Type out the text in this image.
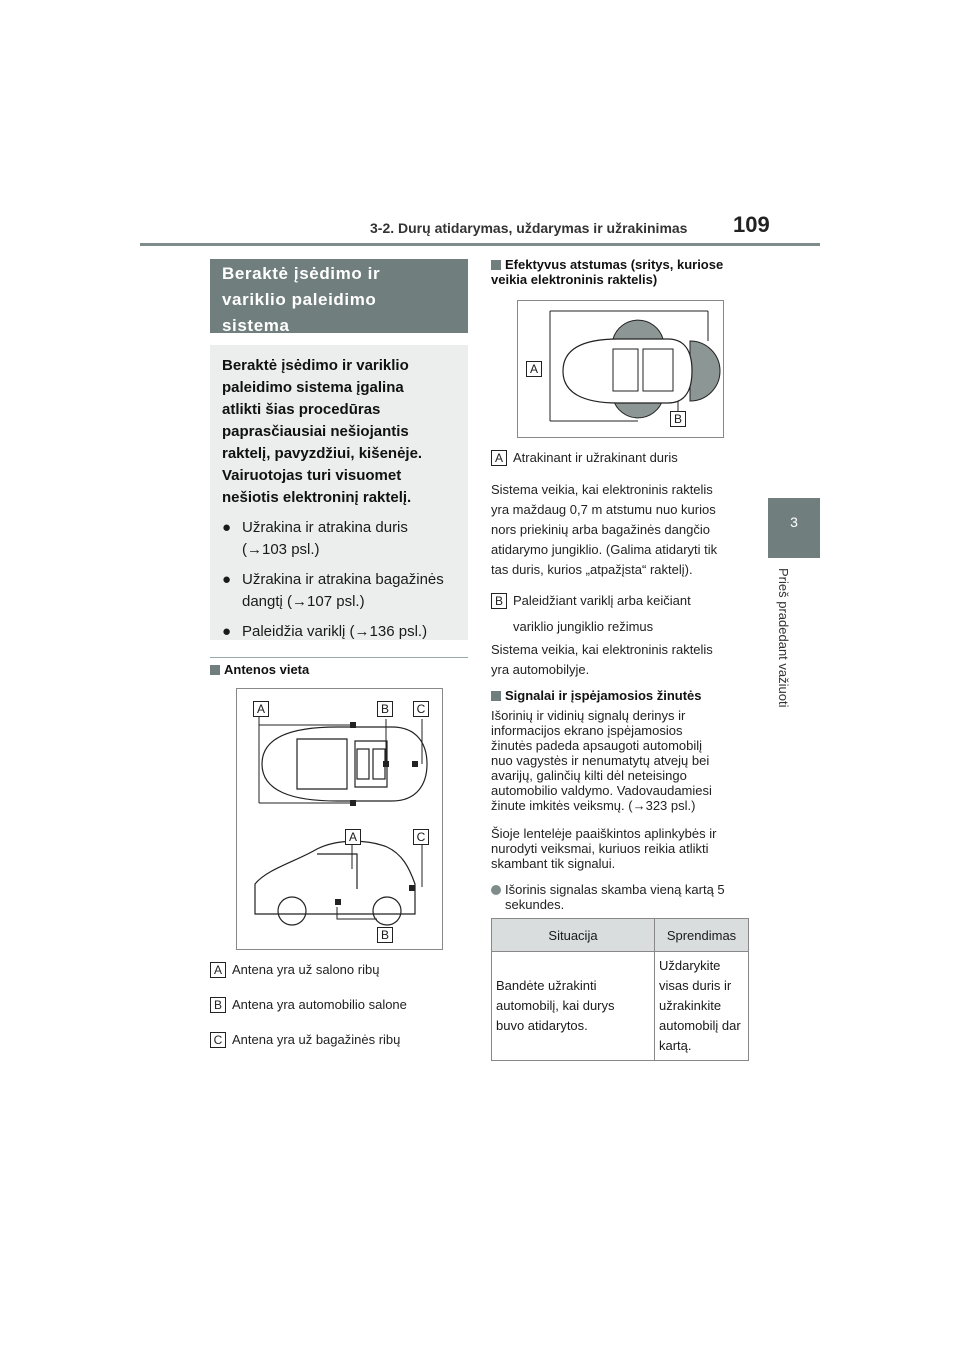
3-2. Durų atidarymas, uždarymas ir užrakinimas 109
3
Prieš pradedant važiuoti
Beraktė įsėdimo ir
variklio paleidimo
sistema

Beraktė įsėdimo ir variklio
paleidimo sistema įgalina
atlikti šias procedūras
paprasčiausiai nešiojantis
raktelį, pavyzdžiui, kišenėje.
Vairuotojas turi visuomet
nešiotis elektroninį raktelį.

● Užrakina ir atrakina duris
(→103 psl.)
● Užrakina ir atrakina bagažinės
dangtį (→107 psl.)
● Paleidžia variklį (→136 psl.)
Antenos vieta
A	B	C
A	C
B
A Antena yra už salono ribų
B Antena yra automobilio salone
C Antena yra už bagažinės ribų
Efektyvus atstumas (sritys, kuriose
veikia elektroninis raktelis)
A
B
A Atrakinant ir užrakinant duris
Sistema veikia, kai elektroninis raktelis
yra maždaug 0,7 m atstumu nuo kurios
nors priekinių arba bagažinės dangčio
atidarymo jungiklio. (Galima atidaryti tik
tas duris, kurios „atpažįsta“ raktelį).
B Paleidžiant variklį arba keičiant
variklio jungiklio režimus
Sistema veikia, kai elektroninis raktelis
yra automobilyje.
Signalai ir įspėjamosios žinutės
Išorinių ir vidinių signalų derinys ir
informacijos ekrano įspėjamosios
žinutės padeda apsaugoti automobilį
nuo vagystės ir nenumatytų atvejų bei
avarijų, galinčių kilti dėl neteisingo
automobilio valdymo. Vadovaudamiesi
žinute imkitės veiksmų. (→323 psl.)
Šioje lentelėje paaiškintos aplinkybės ir
nurodyti veiksmai, kuriuos reikia atlikti
skambant tik signalui.
Išorinis signalas skamba vieną kartą 5
sekundes.
Situacija	Sprendimas
Bandėte užrakinti
automobilį, kai durys
buvo atidarytos.	Uždarykite
visas duris ir
užrakinkite
automobilį dar
kartą.
